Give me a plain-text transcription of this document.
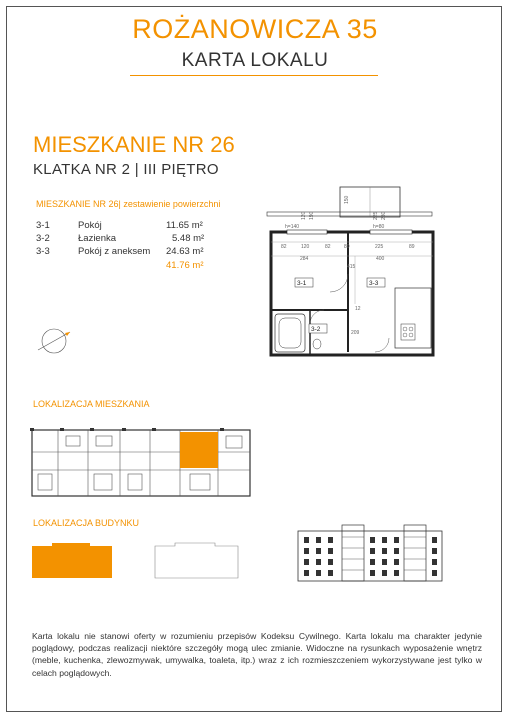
ROŻANOWICZA 35
KARTA LOKALU
MIESZKANIE NR 26
KLATKA NR 2 | III PIĘTRO
MIESZKANIE NR 26| zestawienie powierzchni
3-1	Pokój	11.65 m²
3-2	Łazienka	5.48 m²
3-3	Pokój z aneksem 24.63 m²
41.76 m²
3-1
3-2
3-3
82	120	82	80	225	89
284	400
415
209
12
h=140	h=80
120 190
150
225 230
LOKALIZACJA MIESZKANIA
LOKALIZACJA BUDYNKU
Karta lokalu nie stanowi oferty w rozumieniu przepisów Kodeksu Cywilnego. Karta lokalu ma charakter jedynie poglądowy, podczas realizacji niektóre szczegóły mogą ulec zmianie. Widoczne na rysunkach wyposażenie wnętrz (meble, kuchenka, zlewozmywak, umywalka, toaleta, itp.) wraz z ich rozmieszczeniem wykorzystywane jest tylko w celach poglądowych.
